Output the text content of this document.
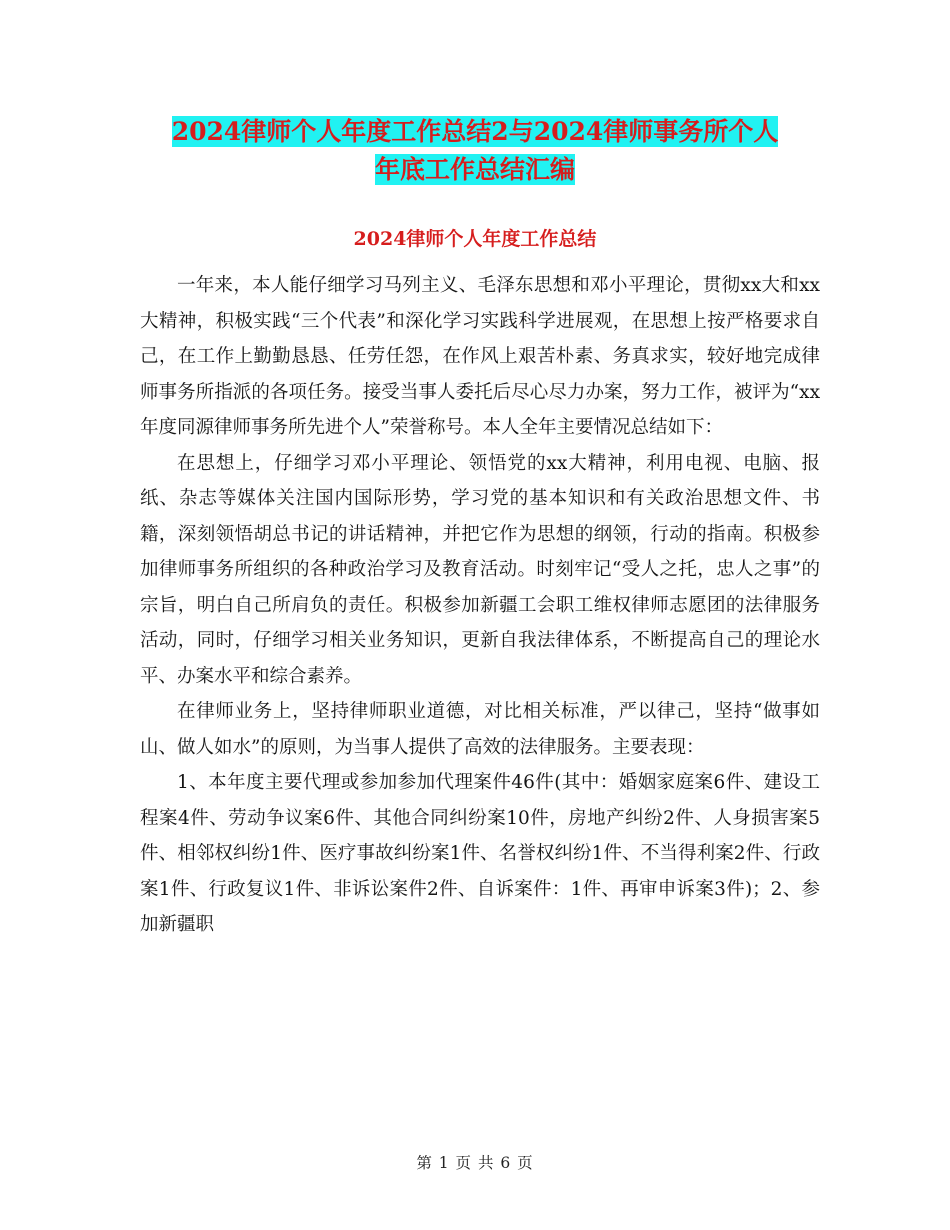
2024律师个人年度工作总结2与2024律师事务所个人
年底工作总结汇编
2024律师个人年度工作总结

一年来，本人能仔细学习马列主义、毛泽东思想和邓小平理论，贯彻xx大和xx大精神，积极实践“三个代表”和深化学习实践科学进展观，在思想上按严格要求自己，在工作上勤勤恳恳、任劳任怨，在作风上艰苦朴素、务真求实，较好地完成律师事务所指派的各项任务。接受当事人委托后尽心尽力办案，努力工作，被评为“xx年度同源律师事务所先进个人”荣誉称号。本人全年主要情况总结如下：

在思想上，仔细学习邓小平理论、领悟党的xx大精神，利用电视、电脑、报纸、杂志等媒体关注国内国际形势，学习党的基本知识和有关政治思想文件、书籍，深刻领悟胡总书记的讲话精神，并把它作为思想的纲领，行动的指南。积极参加律师事务所组织的各种政治学习及教育活动。时刻牢记“受人之托，忠人之事”的宗旨，明白自己所肩负的责任。积极参加新疆工会职工维权律师志愿团的法律服务活动，同时，仔细学习相关业务知识，更新自我法律体系，不断提高自己的理论水平、办案水平和综合素养。

在律师业务上，坚持律师职业道德，对比相关标准，严以律己，坚持“做事如山、做人如水”的原则，为当事人提供了高效的法律服务。主要表现：

1、本年度主要代理或参加参加代理案件46件(其中：婚姻家庭案6件、建设工程案4件、劳动争议案6件、其他合同纠纷案10件，房地产纠纷2件、人身损害案5件、相邻权纠纷1件、医疗事故纠纷案1件、名誉权纠纷1件、不当得利案2件、行政案1件、行政复议1件、非诉讼案件2件、自诉案件：1件、再审申诉案3件)；2、参加新疆职

第 1 页 共 6 页
